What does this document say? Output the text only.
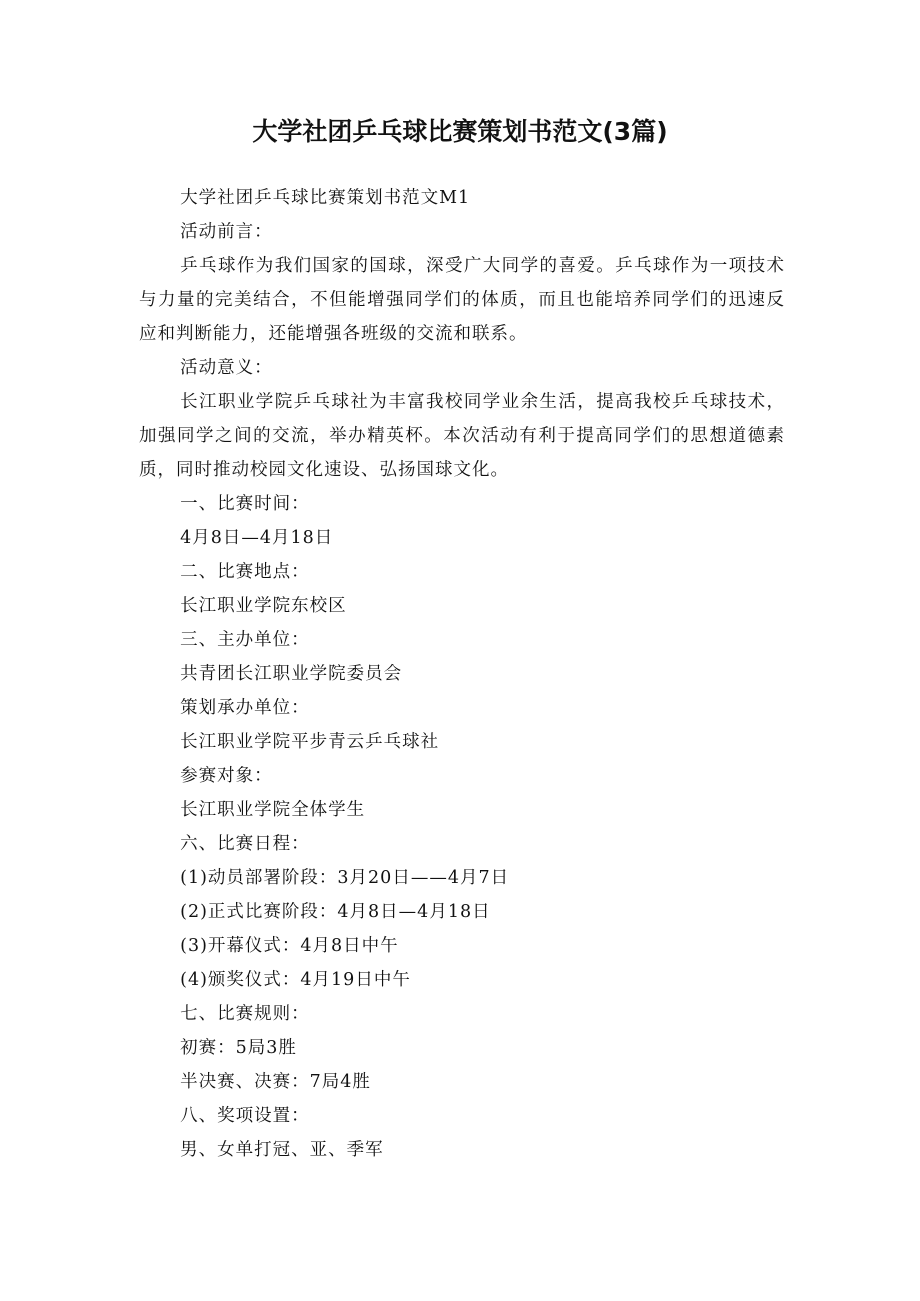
大学社团乒乓球比赛策划书范文(3篇)

大学社团乒乓球比赛策划书范文M1

活动前言：

乒乓球作为我们国家的国球，深受广大同学的喜爱。乒乓球作为一项技术与力量的完美结合，不但能增强同学们的体质，而且也能培养同学们的迅速反应和判断能力，还能增强各班级的交流和联系。

活动意义：

长江职业学院乒乓球社为丰富我校同学业余生活，提高我校乒乓球技术，加强同学之间的交流，举办精英杯。本次活动有利于提高同学们的思想道德素质，同时推动校园文化速设、弘扬国球文化。

一、比赛时间：

4月8日—4月18日

二、比赛地点：

长江职业学院东校区

三、主办单位：

共青团长江职业学院委员会

策划承办单位：

长江职业学院平步青云乒乓球社

参赛对象：

长江职业学院全体学生

六、比赛日程：

(1)动员部署阶段：3月20日——4月7日

(2)正式比赛阶段：4月8日—4月18日

(3)开幕仪式：4月8日中午

(4)颁奖仪式：4月19日中午

七、比赛规则：

初赛：5局3胜

半决赛、决赛：7局4胜

八、奖项设置：

男、女单打冠、亚、季军
